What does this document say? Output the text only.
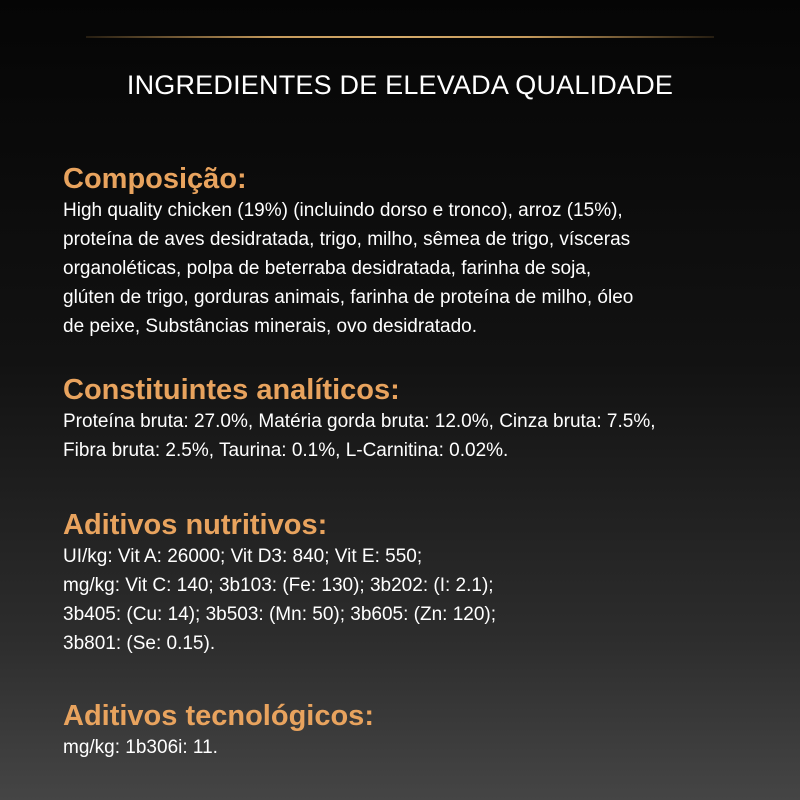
INGREDIENTES DE ELEVADA QUALIDADE
Composição:

High quality chicken (19%) (incluindo dorso e tronco), arroz (15%),
proteína de aves desidratada, trigo, milho, sêmea de trigo, vísceras
organoléticas, polpa de beterraba desidratada, farinha de soja,
glúten de trigo, gorduras animais, farinha de proteína de milho, óleo
de peixe, Substâncias minerais, ovo desidratado.

Constituintes analíticos:

Proteína bruta: 27.0%, Matéria gorda bruta: 12.0%, Cinza bruta: 7.5%,
Fibra bruta: 2.5%, Taurina: 0.1%, L-Carnitina: 0.02%.

Aditivos nutritivos:

UI/kg: Vit A: 26000; Vit D3: 840; Vit E: 550;
mg/kg: Vit C: 140; 3b103: (Fe: 130); 3b202: (I: 2.1);
3b405: (Cu: 14); 3b503: (Mn: 50); 3b605: (Zn: 120);
3b801: (Se: 0.15).

Aditivos tecnológicos:

mg/kg: 1b306i: 11.
